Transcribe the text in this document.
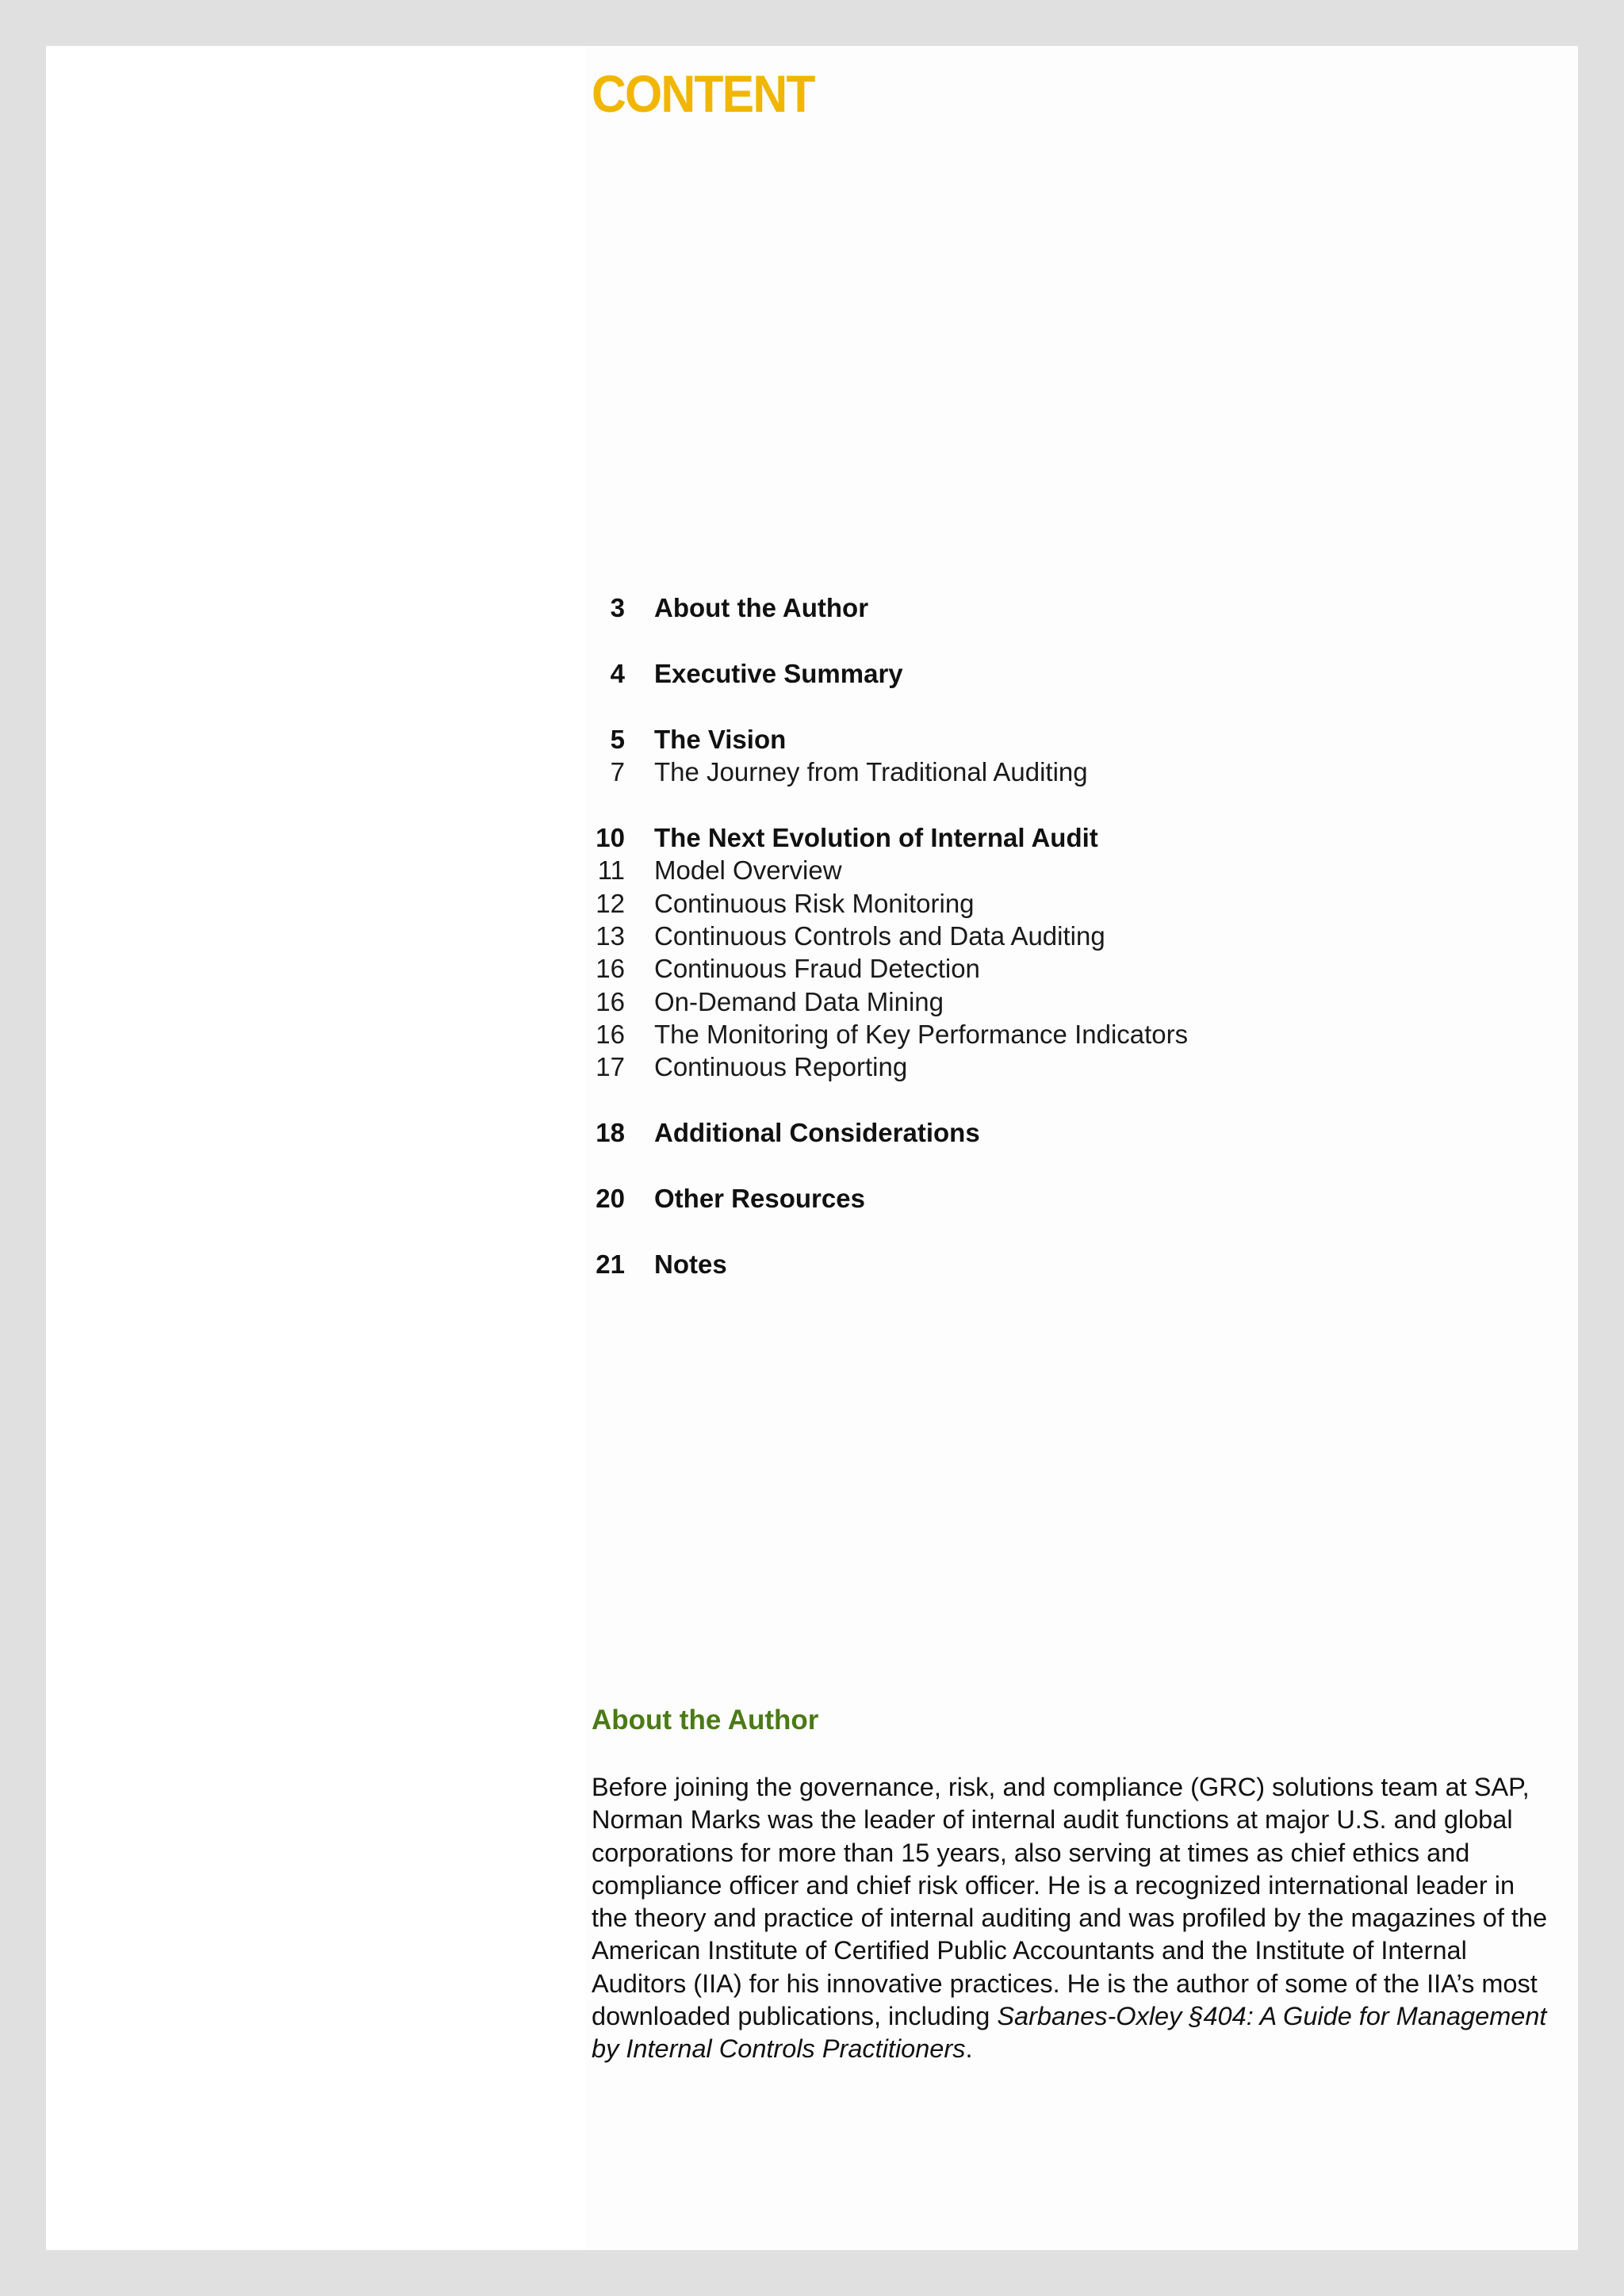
CONTENT
3 About the Author
4 Executive Summary
5 The Vision
7 The Journey from Traditional Auditing
10 The Next Evolution of Internal Audit
11 Model Overview
12 Continuous Risk Monitoring
13 Continuous Controls and Data Auditing
16 Continuous Fraud Detection
16 On-Demand Data Mining
16 The Monitoring of Key Performance Indicators
17 Continuous Reporting
18 Additional Considerations
20 Other Resources
21 Notes
About the Author

Before joining the governance, risk, and compliance (GRC) solutions team at SAP, Norman Marks was the leader of internal audit functions at major U.S. and global corporations for more than 15 years, also serving at times as chief ethics and compliance officer and chief risk officer. He is a recognized international leader in the theory and practice of internal auditing and was profiled by the magazines of the American Institute of Certified Public Accountants and the Institute of Internal Auditors (IIA) for his innovative practices. He is the author of some of the IIA’s most downloaded publications, including Sarbanes-Oxley §404: A Guide for Management by Internal Controls Practitioners.
